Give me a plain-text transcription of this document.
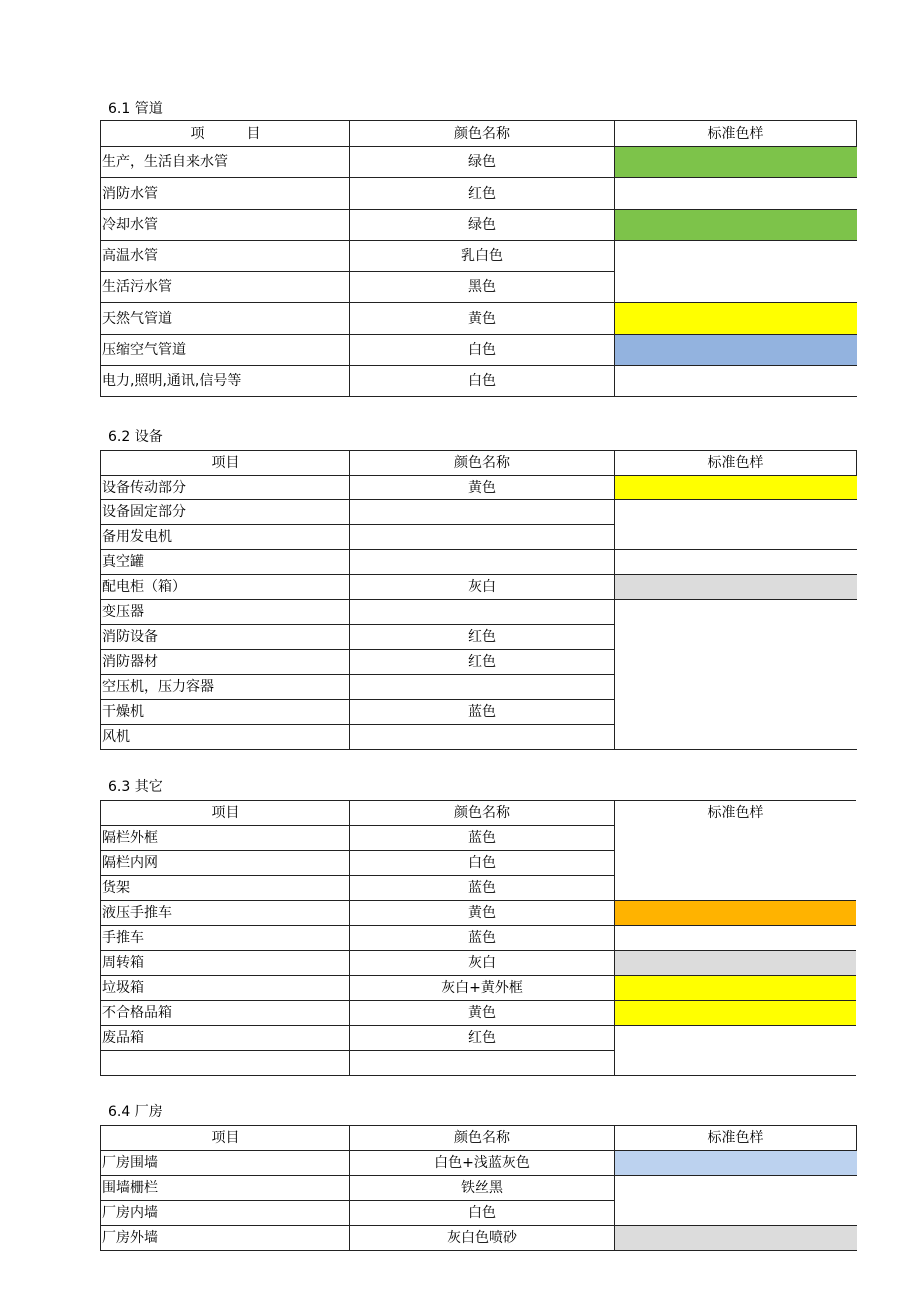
6.1 管道
项　　　目	颜色名称	标准色样
生产，生活自来水管	绿色	
消防水管	红色	
冷却水管	绿色	
高温水管	乳白色	
生活污水管	黑色	
天然气管道	黄色	
压缩空气管道	白色	
电力,照明,通讯,信号等	白色	
6.2 设备
项目	颜色名称	标准色样
设备传动部分	黄色	
设备固定部分		
备用发电机		
真空罐		
配电柜（箱）	灰白	
变压器		
消防设备	红色	
消防器材	红色	
空压机，压力容器		
干燥机	蓝色	
风机		
6.3 其它
项目	颜色名称	标准色样
隔栏外框	蓝色	
隔栏内网	白色	
货架	蓝色	
液压手推车	黄色	
手推车	蓝色	
周转箱	灰白	
垃圾箱	灰白+黄外框	
不合格品箱	黄色	
废品箱	红色	

6.4 厂房
项目	颜色名称	标准色样
厂房围墙	白色+浅蓝灰色	
围墙栅栏	铁丝黑	
厂房内墙	白色	
厂房外墙	灰白色喷砂	
